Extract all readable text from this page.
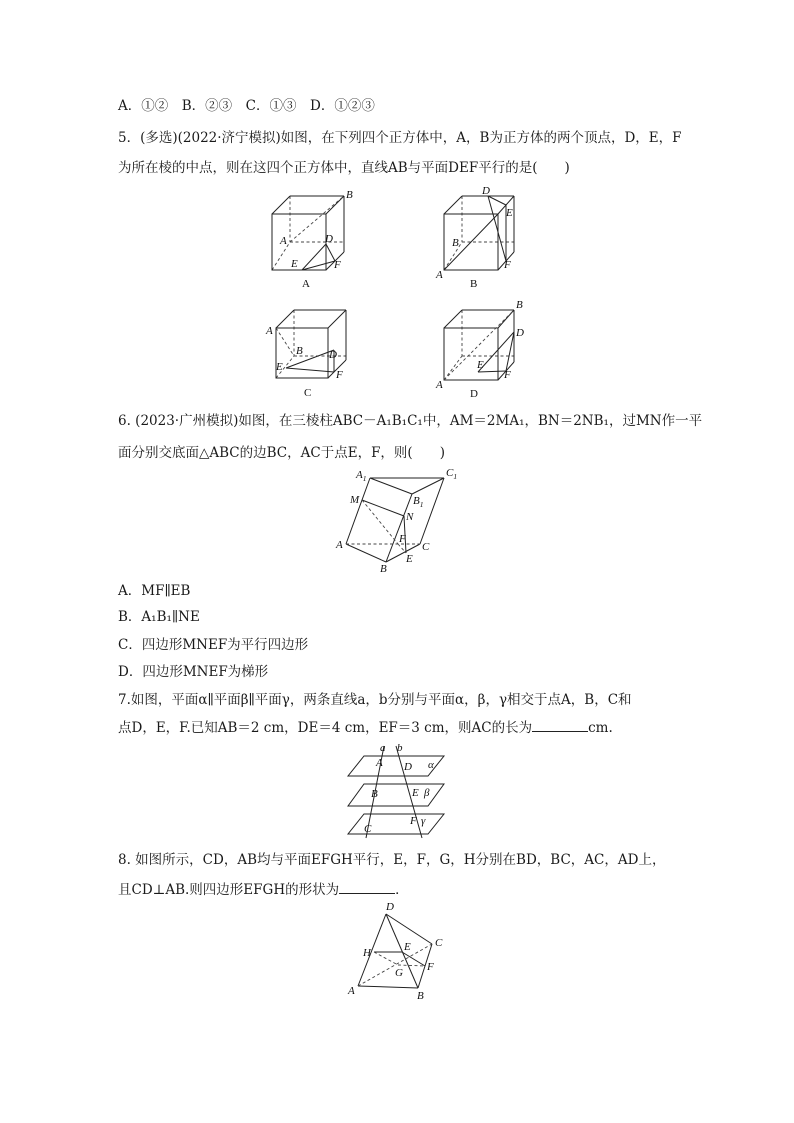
A．①②　B．②③　C．①③　D．①②③
5．(多选)(2022·济宁模拟)如图，在下列四个正方体中，A，B为正方体的两个顶点，D，E，F
为所在棱的中点，则在这四个正方体中，直线AB与平面DEF平行的是(　　)
B
A	D
E	F
A
D
E
B
A
F
B
A
B D
E
F
C
B
D
E
A
F
D
6. (2023·广州模拟)如图，在三棱柱ABC－A₁B₁C₁中，AM＝2MA₁，BN＝2NB₁，过MN作一平
面分别交底面△ABC的边BC，AC于点E，F，则(　　)
$A_1$	$C_1$
$B_1$
M
N
A	F
C
E
B
A．MF∥EB
B．A₁B₁∥NE
C．四边形MNEF为平行四边形
D．四边形MNEF为梯形
7.如图，平面α∥平面β∥平面γ，两条直线a，b分别与平面α，β，γ相交于点A，B，C和
点D，E，F.已知AB＝2 cm，DE＝4 cm，EF＝3 cm，则AC的长为	cm.
a b
A D α
B	E β
C
F γ
8. 如图所示，CD，AB均与平面EFGH平行，E，F，G，H分别在BD，BC，AC，AD上，
且CD⊥AB.则四边形EFGH的形状为	．
D
C
H	E
G F
A	B
